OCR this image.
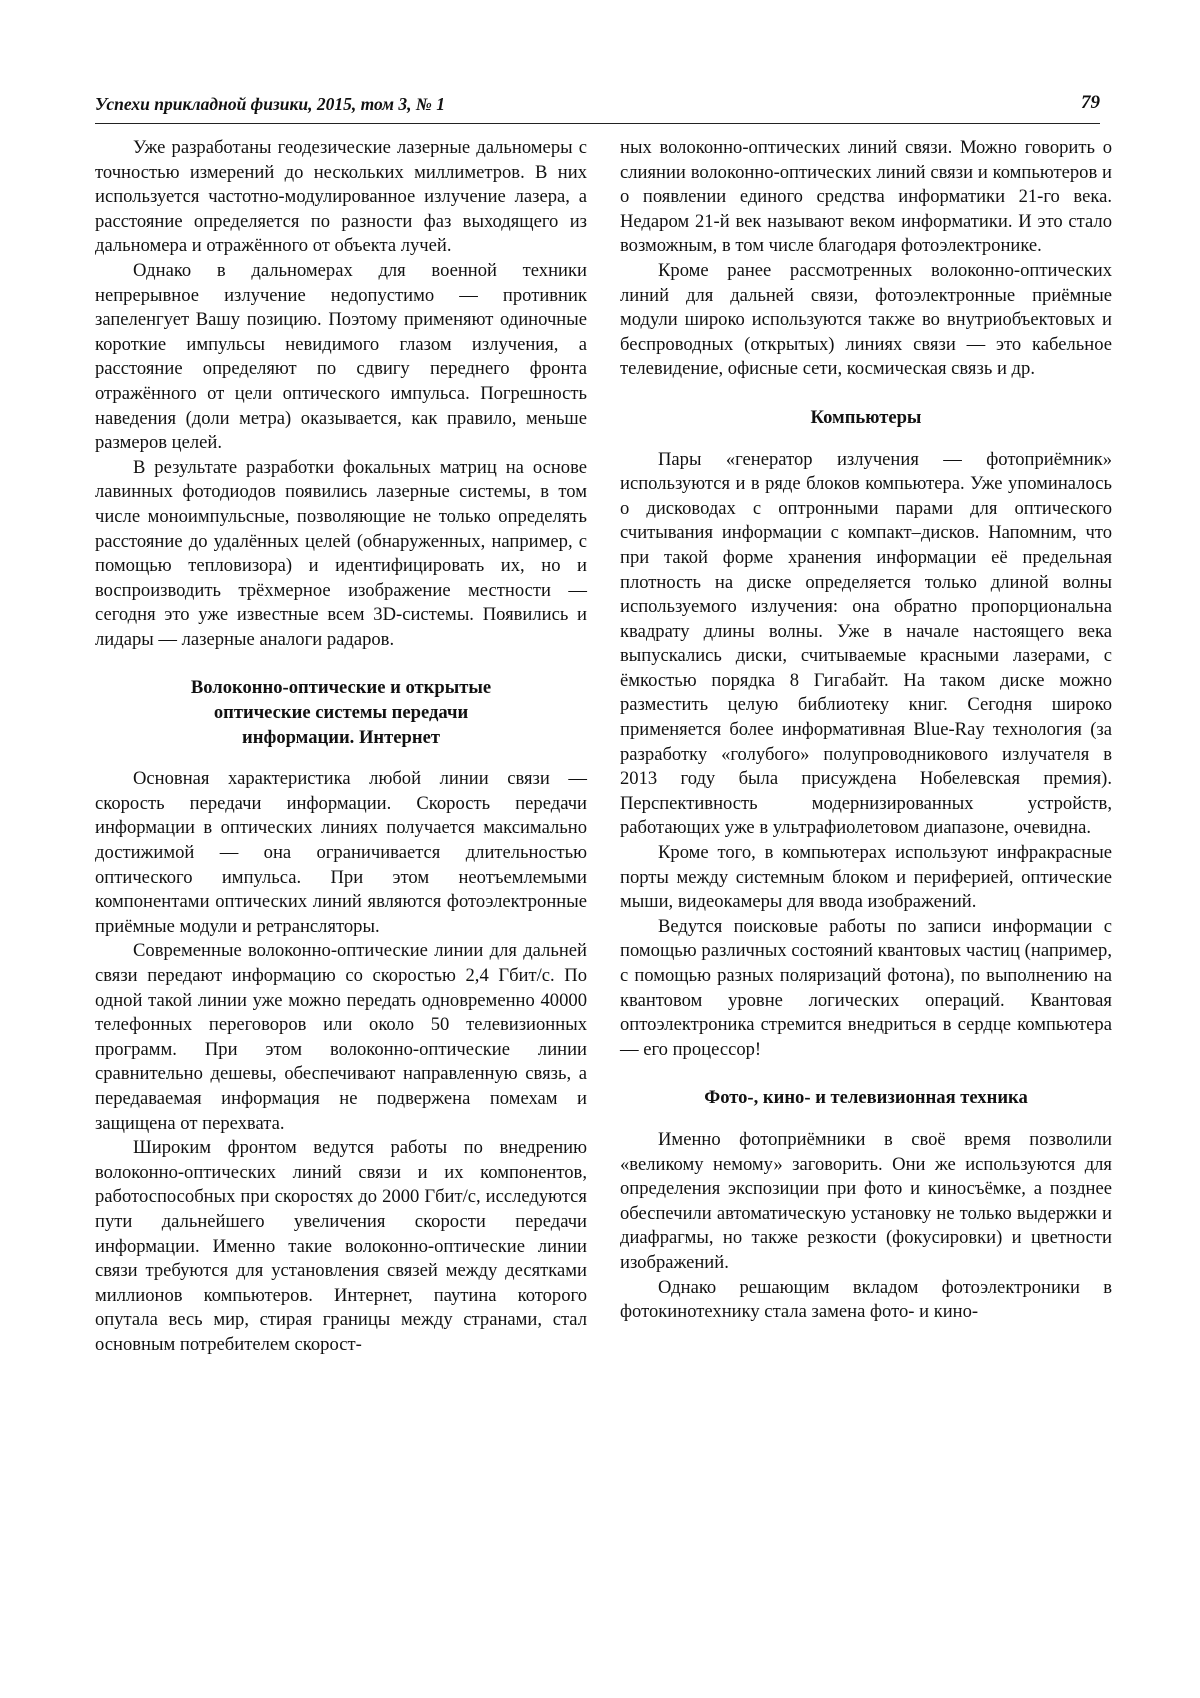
Успехи прикладной физики, 2015, том 3, № 1	79

Уже разработаны геодезические лазерные дальномеры с точностью измерений до нескольких миллиметров. В них используется частотно-модулированное излучение лазера, а расстояние определяется по разности фаз выходящего из дальномера и отражённого от объекта лучей.

Однако в дальномерах для военной техники непрерывное излучение недопустимо — противник запеленгует Вашу позицию. Поэтому применяют одиночные короткие импульсы невидимого глазом излучения, а расстояние определяют по сдвигу переднего фронта отражённого от цели оптического импульса. Погрешность наведения (доли метра) оказывается, как правило, меньше размеров целей.

В результате разработки фокальных матриц на основе лавинных фотодиодов появились лазерные системы, в том числе моноимпульсные, позволяющие не только определять расстояние до удалённых целей (обнаруженных, например, с помощью тепловизора) и идентифицировать их, но и воспроизводить трёхмерное изображение местности — сегодня это уже известные всем 3D-системы. Появились и лидары — лазерные аналоги радаров.

Волоконно-оптические и открытые
оптические системы передачи
информации. Интернет

Основная характеристика любой линии связи — скорость передачи информации. Скорость передачи информации в оптических линиях получается максимально достижимой — она ограничивается длительностью оптического импульса. При этом неотъемлемыми компонентами оптических линий являются фотоэлектронные приёмные модули и ретрансляторы.

Современные волоконно-оптические линии для дальней связи передают информацию со скоростью 2,4 Гбит/с. По одной такой линии уже можно передать одновременно 40000 телефонных переговоров или около 50 телевизионных программ. При этом волоконно-оптические линии сравнительно дешевы, обеспечивают направленную связь, а передаваемая информация не подвержена помехам и защищена от перехвата.

Широким фронтом ведутся работы по внедрению волоконно-оптических линий связи и их компонентов, работоспособных при скоростях до 2000 Гбит/с, исследуются пути дальнейшего увеличения скорости передачи информации. Именно такие волоконно-оптические линии связи требуются для установления связей между десятками миллионов компьютеров. Интернет, паутина которого опутала весь мир, стирая границы между странами, стал основным потребителем скорост-

ных волоконно-оптических линий связи. Можно говорить о слиянии волоконно-оптических линий связи и компьютеров и о появлении единого средства информатики 21-го века. Недаром 21-й век называют веком информатики. И это стало возможным, в том числе благодаря фотоэлектронике.

Кроме ранее рассмотренных волоконно-оптических линий для дальней связи, фотоэлектронные приёмные модули широко используются также во внутриобъектовых и беспроводных (открытых) линиях связи — это кабельное телевидение, офисные сети, космическая связь и др.

Компьютеры

Пары «генератор излучения — фотоприёмник» используются и в ряде блоков компьютера. Уже упоминалось о дисководах с оптронными парами для оптического считывания информации с компакт–дисков. Напомним, что при такой форме хранения информации её предельная плотность на диске определяется только длиной волны используемого излучения: она обратно пропорциональна квадрату длины волны. Уже в начале настоящего века выпускались диски, считываемые красными лазерами, с ёмкостью порядка 8 Гигабайт. На таком диске можно разместить целую библиотеку книг. Сегодня широко применяется более информативная Blue-Ray технология (за разработку «голубого» полупроводникового излучателя в 2013 году была присуждена Нобелевская премия). Перспективность модернизированных устройств, работающих уже в ультрафиолетовом диапазоне, очевидна.

Кроме того, в компьютерах используют инфракрасные порты между системным блоком и периферией, оптические мыши, видеокамеры для ввода изображений.

Ведутся поисковые работы по записи информации с помощью различных состояний квантовых частиц (например, с помощью разных поляризаций фотона), по выполнению на квантовом уровне логических операций. Квантовая оптоэлектроника стремится внедриться в сердце компьютера — его процессор!

Фото-, кино- и телевизионная техника

Именно фотоприёмники в своё время позволили «великому немому» заговорить. Они же используются для определения экспозиции при фото и киносъёмке, а позднее обеспечили автоматическую установку не только выдержки и диафрагмы, но также резкости (фокусировки) и цветности изображений.

Однако решающим вкладом фотоэлектроники в фотокинотехнику стала замена фото- и кино-
